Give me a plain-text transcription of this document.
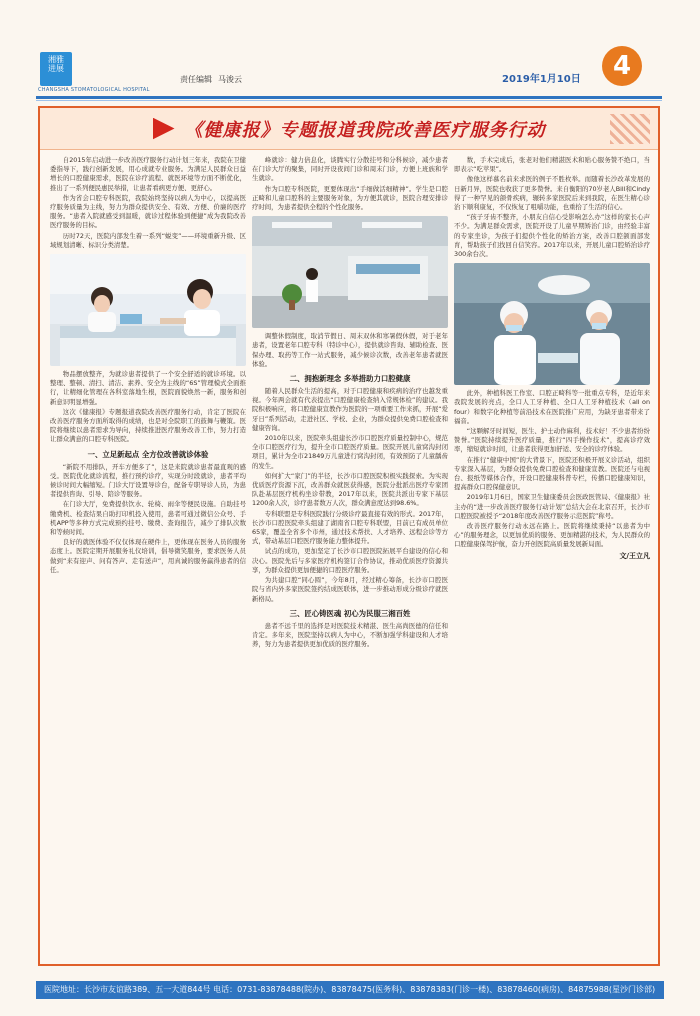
湘雅
进展
CHANGSHA STOMATOLOGICAL HOSPITAL
责任编辑 马浚云	2019年1月10日	4
《健康报》专题报道我院改善医疗服务行动

自2015年启动进一步改善医疗服务行动计划三年来，我院在卫健委指导下，践行创新发展，用心成就专业服务。为满足人民群众日益增长的口腔健康需求，医院在诊疗流程、就医环境等方面不断优化，推出了一系列便民惠民举措，让患者看病更方便、更舒心。

作为省会口腔专科医院，我院始终坚持以病人为中心，以提高医疗服务质量为主线，努力为群众提供安全、有效、方便、价廉的医疗服务。“患者入院就感受到温暖，就诊过程体验到便捷”成为我院改善医疗服务的目标。

历时72天，医院内部发生着一系列“蜕变”——环境重新升级、区域规划清晰、标识分类清楚。

物品摆放整齐，为就诊患者提供了一个安全舒适的就诊环境。以整理、整顿、清扫、清洁、素养、安全为主线的“6S”管理模式全面推行，让精细化管理在各科室落地生根，医院面貌焕然一新，服务和创新意识明显增强。

这次《健康报》专题报道我院改善医疗服务行动，肯定了医院在改善医疗服务方面所取得的成绩，也是对全院职工的鼓舞与鞭策。医院将继续以患者需求为导向，持续推进医疗服务改善工作，努力打造让群众满意的口腔专科医院。

一、立足新起点 全方位改善就诊体验

“新院不用排队，开车方便多了”，这是来院就诊患者最直观的感受。医院优化就诊流程，推行预约诊疗，实现分时段就诊，患者平均候诊时间大幅缩短。门诊大厅设置导诊台，配备专职导诊人员，为患者提供咨询、引导、陪诊等服务。

在门诊大厅，免费提供饮水、轮椅、雨伞等便民设施。自助挂号缴费机、检查结果自助打印机投入使用，患者可通过微信公众号、手机APP等多种方式完成预约挂号、缴费、查询报告，减少了排队次数和等候时间。

良好的就医体验不仅仅体现在硬件上，更体现在医务人员的服务态度上。医院定期开展服务礼仪培训，倡导微笑服务，要求医务人员做到“来有迎声、问有答声、走有送声”，用真诚的服务赢得患者的信任。

峰就诊：健力倍息化，谈腾实行分散挂号和分科候诊，减少患者在门诊大厅的聚集，同时开设夜间门诊和周末门诊，方便上班族和学生就诊。

作为口腔专科医院，更要体现出“手细做活细精神”。学生是口腔正畸和儿童口腔科的主要服务对象，为方便其就诊，医院合理安排诊疗时间，为患者提供全程的个性化服务。

调整休假制度，取消节假日、周末双休和寒暑假休假，对于老年患者，设置老年口腔专科（特诊中心），提供就诊咨询、辅助检查、医保办理、取药等工作一站式服务，减少候诊次数，改善老年患者就医体验。

二、拥抱新理念 多举措助力口腔健康

随着人民群众生活的提高，对于口腔健康和疾病的治疗也越发重视。今年两会就有代表提出“口腔健康检查纳入常规体检”的建议。我院积极响应，将口腔健康宣教作为医院的一项重要工作来抓，开展“爱牙日”系列活动，走进社区、学校、企业，为群众提供免费口腔检查和健康咨询。

2010年以来，医院牵头组建长沙市口腔医疗质量控制中心，规范全市口腔医疗行为，提升全市口腔医疗质量。医院开展儿童窝沟封闭项目，累计为全市21849万儿童进行窝沟封闭，有效预防了儿童龋齿的发生。

如何扩大“家门”的半径，长沙市口腔医院积极实践探索。为实现优质医疗资源下沉，改善群众就医获得感，医院分批派出医疗专家团队赴基层医疗机构坐诊带教，2017年以来，医院共派出专家下基层1200余人次，诊疗患者数万人次，群众满意度达到98.6%。

专科联盟是专科医院践行分级诊疗最直接有效的形式。2017年，长沙市口腔医院牵头组建了湖南省口腔专科联盟，目前已有成员单位65家，覆盖全省多个市州，通过技术帮扶、人才培养、远程会诊等方式，带动基层口腔医疗服务能力整体提升。

试点的成功，更加坚定了长沙市口腔医院拓展平台建设的信心和决心。医院先后与多家医疗机构签订合作协议，推动优质医疗资源共享，为群众提供更加便捷的口腔医疗服务。

为共建口腔“同心圆”，今年8月，经过精心筹备，长沙市口腔医院与省内外多家医院签约结成医联体，进一步推动形成分级诊疗就医新格局。

三、匠心铸医魂 初心为民服三湘百姓

患者不远千里的选择是对医院技术精湛、医生高尚医德的信任和肯定。多年来，医院坚持以病人为中心，不断加强学科建设和人才培养，努力为患者提供更加优质的医疗服务。

数，手术完成后，张老对他们精湛医术和贴心服务赞不绝口，当即表示“吃苹果”。

像他这样慕名前来求医的例子不胜枚举。而随着长沙改革发展的日新月异，医院也收获了更多赞誉。来自衡阳的70岁老人Bill和Cindy得了一种罕见的颌骨疾病，辗转多家医院后来到我院，在医生精心诊治下顺利康复，不仅恢复了咀嚼功能，也重拾了生活的信心。

“孩子牙齿不整齐，小朋友自信心受影响怎么办”这样的家长心声不少。为满足群众需求，医院开设了儿童早期矫治门诊，由经验丰富的专家坐诊，为孩子们提供个性化的矫治方案，改善口腔颌面部发育，帮助孩子们找回自信笑容。2017年以来，开展儿童口腔矫治诊疗300余台次。

此外，种植科医工作室、口腔正畸科等一批重点专科，是近年来我院发展的亮点，全口人工牙种植、全口人工牙种植技术（all on four）和数字化种植等前沿技术在医院推广应用，为缺牙患者带来了福音。

“这颗解牙时间短，医生、护士动作麻利，技术好！不少患者纷纷赞誉。”医院持续提升医疗质量，推行“四手操作技术”，提高诊疗效率，缩短就诊时间，让患者获得更加舒适、安全的诊疗体验。

在推行“健康中国”的大背景下，医院还积极开展义诊活动，组织专家深入基层，为群众提供免费口腔检查和健康宣教。医院还与电视台、报纸等媒体合作，开设口腔健康科普专栏，传播口腔健康知识，提高群众口腔保健意识。

2019年1月6日，国家卫生健康委员会医政医管局、《健康报》社主办的“进一步改善医疗服务行动计划”总结大会在北京召开，长沙市口腔医院被授予“2018年度改善医疗服务示范医院”称号。

改善医疗服务行动永远在路上。医院将继续秉持“以患者为中心”的服务理念，以更加优质的服务、更加精湛的技术，为人民群众的口腔健康保驾护航，奋力开创医院高质量发展新局面。

文/王立凡
医院地址：长沙市友谊路389、五一大道844号 电话：0731-83878488(院办)、83878475(医务科)、83878383(门诊一楼)、83878460(病房)、84875988(星沙门诊部)
